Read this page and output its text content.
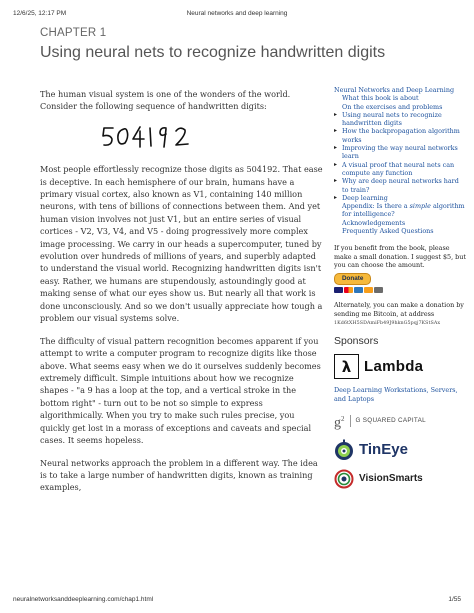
12/6/25, 12:17 PM	Neural networks and deep learning
CHAPTER 1
Using neural nets to recognize handwritten digits

The human visual system is one of the wonders of the world. Consider the following sequence of handwritten digits:

Most people effortlessly recognize those digits as 504192. That ease is deceptive. In each hemisphere of our brain, humans have a primary visual cortex, also known as V1, containing 140 million neurons, with tens of billions of connections between them. And yet human vision involves not just V1, but an entire series of visual cortices - V2, V3, V4, and V5 - doing progressively more complex image processing. We carry in our heads a supercomputer, tuned by evolution over hundreds of millions of years, and superbly adapted to understand the visual world. Recognizing handwritten digits isn't easy. Rather, we humans are stupendously, astoundingly good at making sense of what our eyes show us. But nearly all that work is done unconsciously. And so we don't usually appreciate how tough a problem our visual systems solve.

The difficulty of visual pattern recognition becomes apparent if you attempt to write a computer program to recognize digits like those above. What seems easy when we do it ourselves suddenly becomes extremely difficult. Simple intuitions about how we recognize shapes - "a 9 has a loop at the top, and a vertical stroke in the bottom right" - turn out to be not so simple to express algorithmically. When you try to make such rules precise, you quickly get lost in a morass of exceptions and caveats and special cases. It seems hopeless.

Neural networks approach the problem in a different way. The idea is to take a large number of handwritten digits, known as training examples,

Neural Networks and Deep Learning
What this book is about
On the exercises and problems
▸ Using neural nets to recognize handwritten digits
▸ How the backpropagation algorithm works
▸ Improving the way neural networks learn
▸ A visual proof that neural nets can compute any function
▸ Why are deep neural networks hard to train?
▸ Deep learning
Appendix: Is there a simple algorithm for intelligence?
Acknowledgements
Frequently Asked Questions
If you benefit from the book, please make a small donation. I suggest $5, but you can choose the amount.
Donate
Alternately, you can make a donation by sending me Bitcoin, at address
1Kd6tXH5SDAmiFb49J9hknG5pqj7KStSAx
Sponsors
λ Lambda
Deep Learning Workstations, Servers, and Laptops
$g^2$ G SQUARED CAPITAL
TinEye
VisionSmarts
neuralnetworksanddeeplearning.com/chap1.html	1/55
